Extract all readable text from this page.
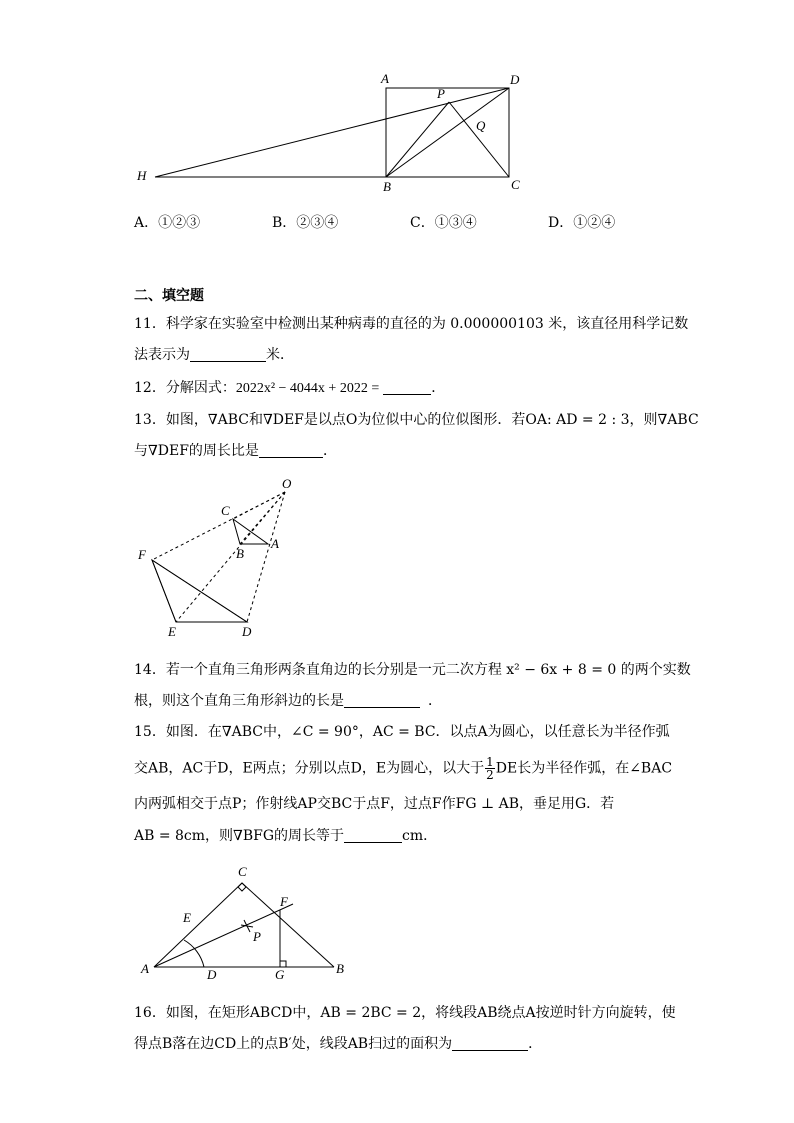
A	D
P
Q
H
B	C
A．①②③	B．②③④	C．①③④	D．①②④
二、填空题
11．科学家在实验室中检测出某种病毒的直径的为 0.000000103 米，该直径用科学记数
法表示为	米．
12．分解因式：2022x² − 4044x + 2022 =	．
13．如图，∇ABC和∇DEF是以点O为位似中心的位似图形．若OA: AD = 2 : 3，则∇ABC
与∇DEF的周长比是	．
O
C
A
B
F
E	D
14．若一个直角三角形两条直角边的长分别是一元二次方程 x² − 6x + 8 = 0 的两个实数
根，则这个直角三角形斜边的长是	．
15．如图．在∇ABC中，∠C = 90°，AC = BC．以点A为圆心，以任意长为半径作弧
交AB，AC于D，E两点；分别以点D，E为圆心，以大于 $\frac{1}{2}$ DE长为半径作弧，在∠BAC
内两弧相交于点P；作射线AP交BC于点F，过点F作FG ⊥ AB，垂足用G．若
AB = 8cm，则∇BFG的周长等于	cm．
C
F
E
P
A	D	G	B
16．如图，在矩形ABCD中，AB = 2BC = 2，将线段AB绕点A按逆时针方向旋转，使
得点B落在边CD上的点B′处，线段AB扫过的面积为	．
